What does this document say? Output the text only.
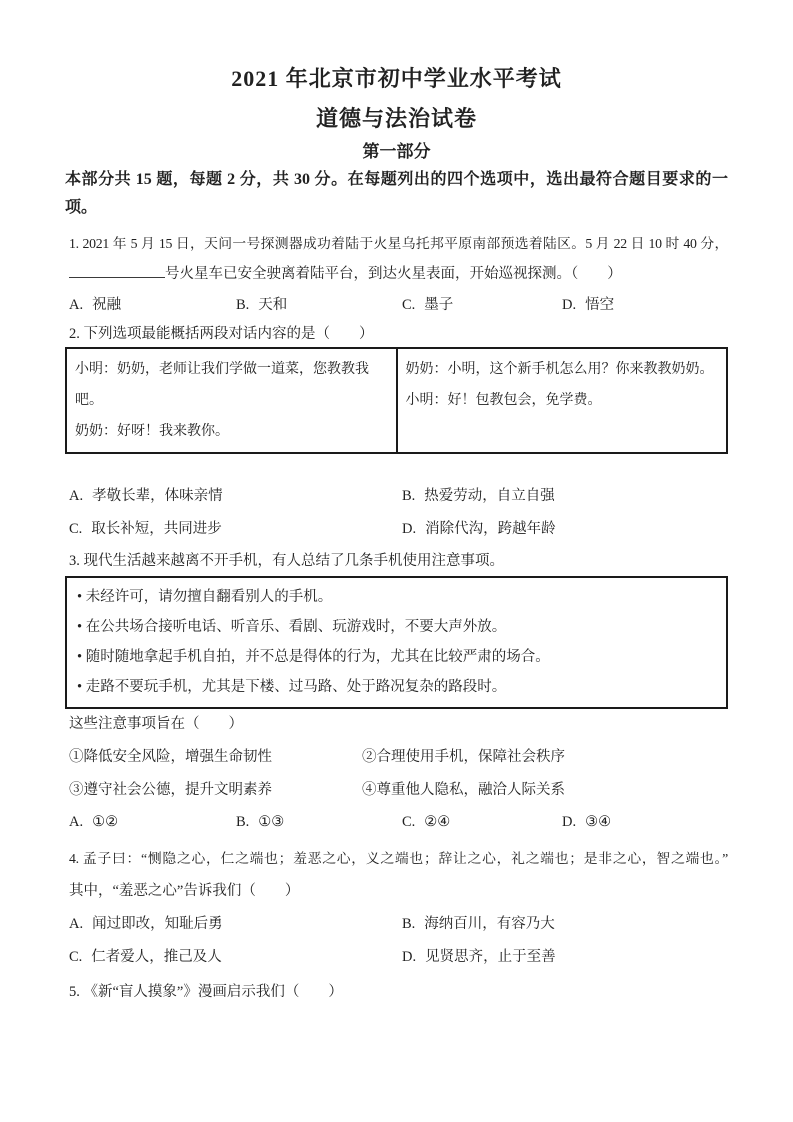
2021 年北京市初中学业水平考试
道德与法治试卷
第一部分

本部分共 15 题，每题 2 分，共 30 分。在每题列出的四个选项中，选出最符合题目要求的一

项。

1. 2021 年 5 月 15 日，天问一号探测器成功着陆于火星乌托邦平原南部预选着陆区。5 月 22 日 10 时 40 分，

号火星车已安全驶离着陆平台，到达火星表面，开始巡视探测。（　　）

A. 祝融	B. 天和	C. 墨子	D. 悟空

2. 下列选项最能概括两段对话内容的是（　　）

小明：奶奶，老师让我们学做一道菜，您教教我吧。

奶奶：好呀！我来教你。

奶奶：小明，这个新手机怎么用？你来教教奶奶。

小明：好！包教包会，免学费。

A. 孝敬长辈，体味亲情	B. 热爱劳动，自立自强
C. 取长补短，共同进步	D. 消除代沟，跨越年龄

3. 现代生活越来越离不开手机，有人总结了几条手机使用注意事项。

• 未经许可，请勿擅自翻看别人的手机。

• 在公共场合接听电话、听音乐、看剧、玩游戏时，不要大声外放。

• 随时随地拿起手机自拍，并不总是得体的行为，尤其在比较严肃的场合。

• 走路不要玩手机，尤其是下楼、过马路、处于路况复杂的路段时。

这些注意事项旨在（　　）

①降低安全风险，增强生命韧性	②合理使用手机，保障社会秩序
③遵守社会公德，提升文明素养	④尊重他人隐私，融洽人际关系
A. ①②	B. ①③	C. ②④	D. ③④

4. 孟子曰：“恻隐之心，仁之端也；羞恶之心，义之端也；辞让之心，礼之端也；是非之心，智之端也。”

其中，“羞恶之心”告诉我们（　　）

A. 闻过即改，知耻后勇	B. 海纳百川，有容乃大
C. 仁者爱人，推己及人	D. 见贤思齐，止于至善

5. 《新“盲人摸象”》漫画启示我们（　　）
